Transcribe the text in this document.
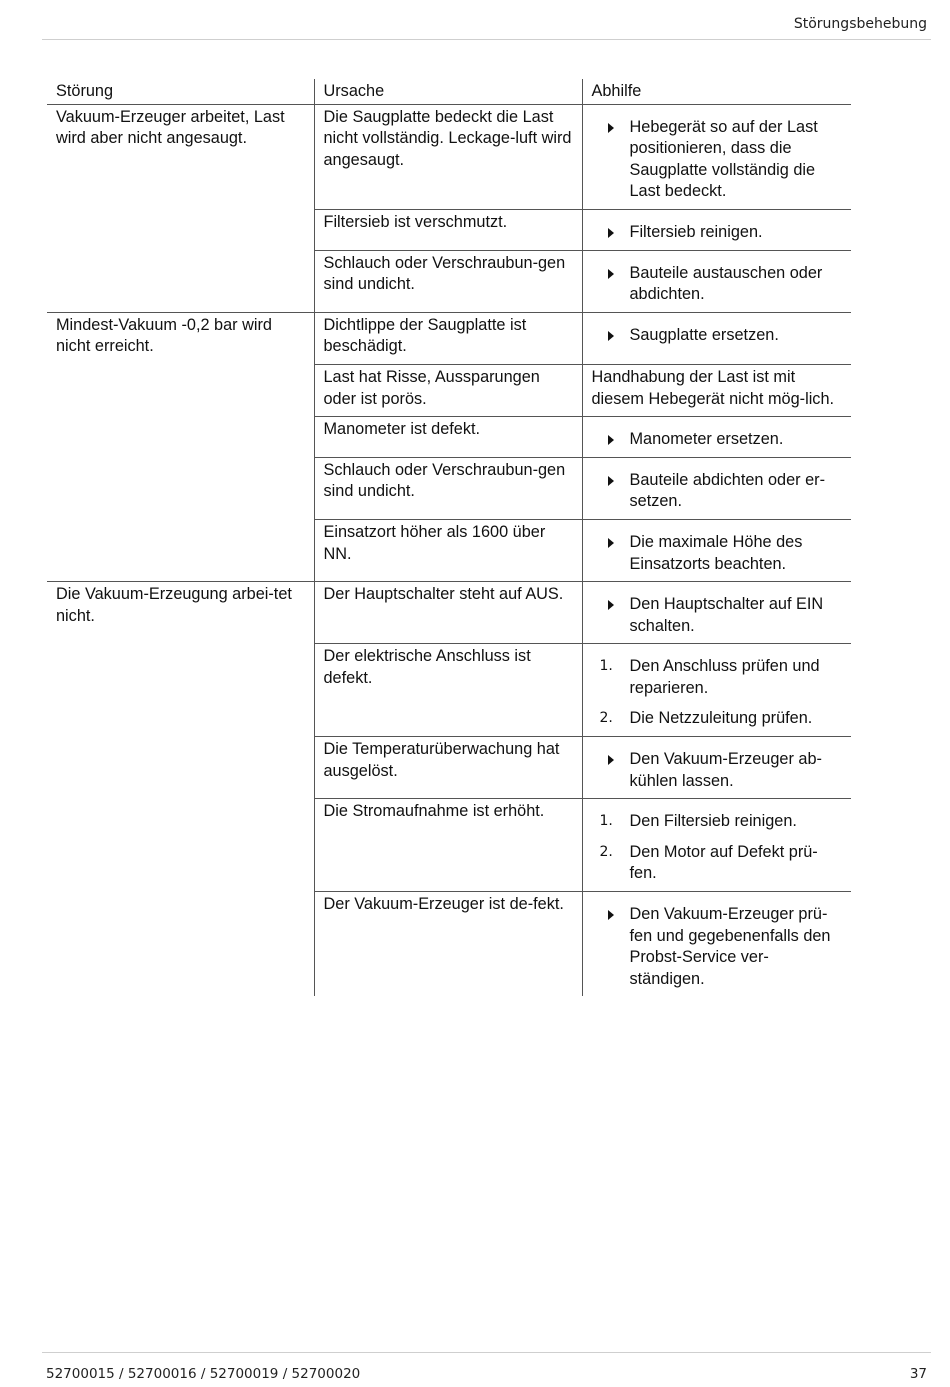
Störungsbehebung
Störung	Ursache	Abhilfe
Vakuum-Erzeuger arbeitet, Last wird aber nicht angesaugt.	Die Saugplatte bedeckt die Last nicht vollständig. Leckage-luft wird angesaugt.	Hebegerät so auf der Last positionieren, dass die Saugplatte vollständig die Last bedeckt.

	Filtersieb ist verschmutzt.	Filtersieb reinigen.

	Schlauch oder Verschraubun-gen sind undicht.	Bauteile austauschen oder abdichten.

Mindest-Vakuum -0,2 bar wird nicht erreicht.	Dichtlippe der Saugplatte ist beschädigt.	Saugplatte ersetzen.

	Last hat Risse, Aussparungen oder ist porös.	Handhabung der Last ist mit diesem Hebegerät nicht mög-lich.

	Manometer ist defekt.	Manometer ersetzen.

	Schlauch oder Verschraubun-gen sind undicht.	Bauteile abdichten oder er-setzen.

	Einsatzort höher als 1600 über NN.	Die maximale Höhe des Einsatzorts beachten.

Die Vakuum-Erzeugung arbei-tet nicht.	Der Hauptschalter steht auf AUS.	Den Hauptschalter auf EIN schalten.

	Der elektrische Anschluss ist defekt.	1. Den Anschluss prüfen und reparieren.
2. Die Netzzuleitung prüfen.

	Die Temperaturüberwachung hat ausgelöst.	Den Vakuum-Erzeuger ab-kühlen lassen.

	Die Stromaufnahme ist erhöht.	1. Den Filtersieb reinigen.
2. Den Motor auf Defekt prü-fen.

	Der Vakuum-Erzeuger ist de-fekt.	Den Vakuum-Erzeuger prü-fen und gegebenenfalls den Probst-Service ver-ständigen.
52700015 / 52700016 / 52700019 / 52700020	37
